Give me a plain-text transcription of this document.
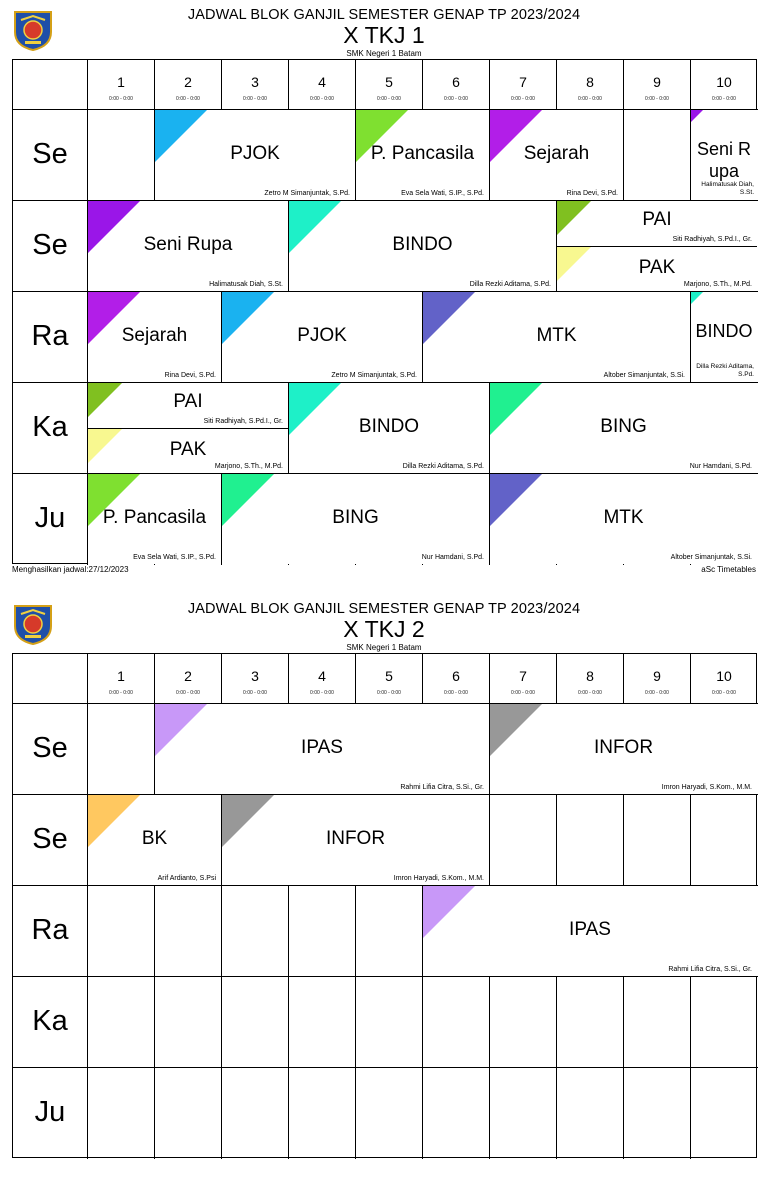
JADWAL BLOK GANJIL SEMESTER GENAP TP 2023/2024
X TKJ 1
SMK Negeri 1 Batam
1
0:00 - 0:00
2
0:00 - 0:00
3
0:00 - 0:00
4
0:00 - 0:00
5
0:00 - 0:00
6
0:00 - 0:00
7
0:00 - 0:00
8
0:00 - 0:00
9
0:00 - 0:00
10
0:00 - 0:00
Se
Se
Ra
Ka
Ju
PJOK
Zetro M Simanjuntak, S.Pd.
P. Pancasila
Eva Sela Wati, S.IP., S.Pd.
Sejarah
Rina Devi, S.Pd.
Seni Rupa
Halimatusak Diah, S.St.
Seni Rupa
Halimatusak Diah, S.St.
BINDO
Dilla Rezki Aditama, S.Pd.
PAI
Siti Radhiyah, S.Pd.I., Gr.
PAK
Marjono, S.Th., M.Pd.
Sejarah
Rina Devi, S.Pd.
PJOK
Zetro M Simanjuntak, S.Pd.
MTK
Altober Simanjuntak, S.Si.
BINDO
Dilla Rezki Aditama, S.Pd.
PAI
Siti Radhiyah, S.Pd.I., Gr.
PAK
Marjono, S.Th., M.Pd.
BINDO
Dilla Rezki Aditama, S.Pd.
BING
Nur Hamdani, S.Pd.
P. Pancasila
Eva Sela Wati, S.IP., S.Pd.
BING
Nur Hamdani, S.Pd.
MTK
Altober Simanjuntak, S.Si.
Menghasilkan jadwal:27/12/2023	aSc Timetables
JADWAL BLOK GANJIL SEMESTER GENAP TP 2023/2024
X TKJ 2
SMK Negeri 1 Batam
1
0:00 - 0:00
2
0:00 - 0:00
3
0:00 - 0:00
4
0:00 - 0:00
5
0:00 - 0:00
6
0:00 - 0:00
7
0:00 - 0:00
8
0:00 - 0:00
9
0:00 - 0:00
10
0:00 - 0:00
Se
Se
Ra
Ka
Ju
IPAS
Rahmi Lifia Citra, S.Si., Gr.
INFOR
Imron Haryadi, S.Kom., M.M.
BK
Arif Ardianto, S.Psi
INFOR
Imron Haryadi, S.Kom., M.M.
IPAS
Rahmi Lifia Citra, S.Si., Gr.
